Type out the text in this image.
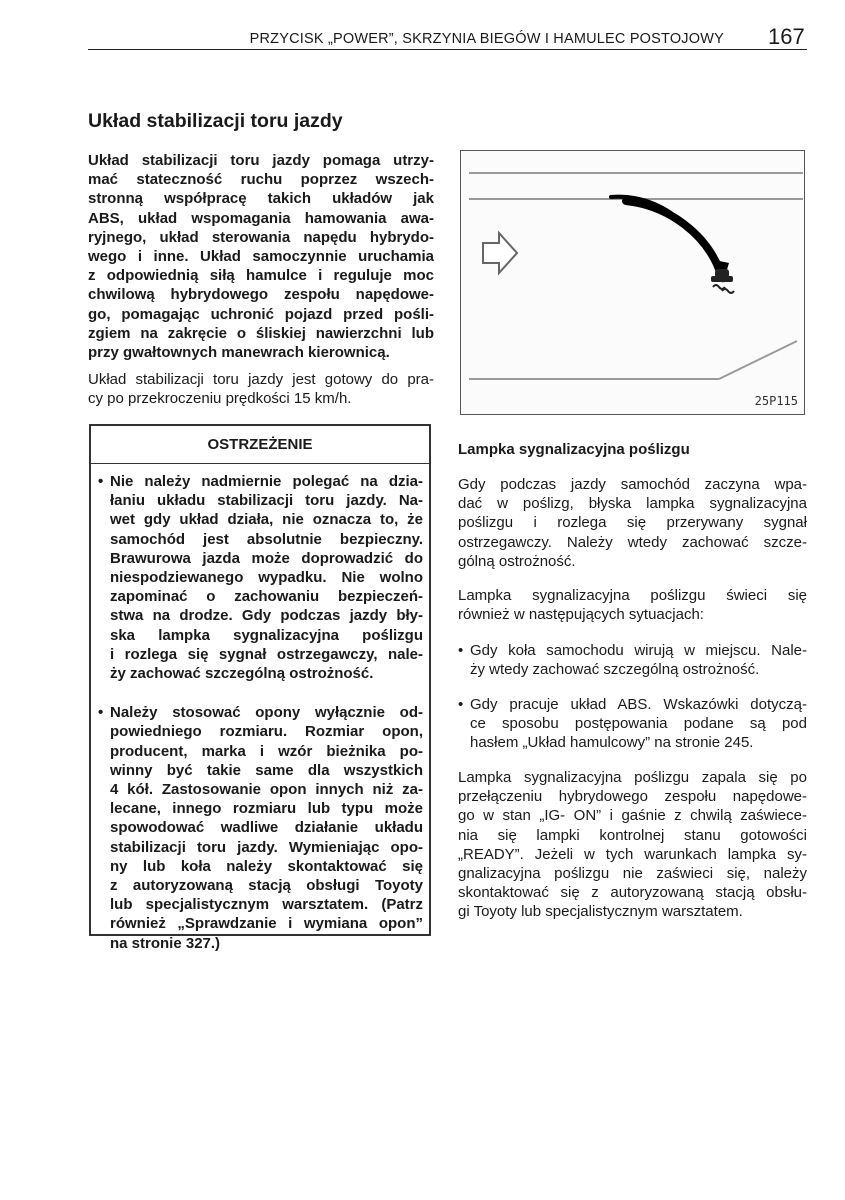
PRZYCISK „POWER”, SKRZYNIA BIEGÓW I HAMULEC POSTOJOWY 167
Układ stabilizacji toru jazdy
Układ stabilizacji toru jazdy pomaga utrzy-
mać stateczność ruchu poprzez wszech-
stronną współpracę takich układów jak
ABS, układ wspomagania hamowania awa-
ryjnego, układ sterowania napędu hybrydo-
wego i inne. Układ samoczynnie uruchamia
z odpowiednią siłą hamulce i reguluje moc
chwilową hybrydowego zespołu napędowe-
go, pomagając uchronić pojazd przed pośli-
zgiem na zakręcie o śliskiej nawierzchni lub
przy gwałtownych manewrach kierownicą.
Układ stabilizacji toru jazdy jest gotowy do pra-
cy po przekroczeniu prędkości 15 km/h.
OSTRZEŻENIE
• Nie należy nadmiernie polegać na dzia-
łaniu układu stabilizacji toru jazdy. Na-
wet gdy układ działa, nie oznacza to, że
samochód jest absolutnie bezpieczny.
Brawurowa jazda może doprowadzić do
niespodziewanego wypadku. Nie wolno
zapominać o zachowaniu bezpieczeń-
stwa na drodze. Gdy podczas jazdy bły-
ska lampka sygnalizacyjna poślizgu
i rozlega się sygnał ostrzegawczy, nale-
ży zachować szczególną ostrożność.
• Należy stosować opony wyłącznie od-
powiedniego rozmiaru. Rozmiar opon,
producent, marka i wzór bieżnika po-
winny być takie same dla wszystkich
4 kół. Zastosowanie opon innych niż za-
lecane, innego rozmiaru lub typu może
spowodować wadliwe działanie układu
stabilizacji toru jazdy. Wymieniając opo-
ny lub koła należy skontaktować się
z autoryzowaną stacją obsługi Toyoty
lub specjalistycznym warsztatem. (Patrz
również „Sprawdzanie i wymiana opon”
na stronie 327.)
25P115
Lampka sygnalizacyjna poślizgu
Gdy podczas jazdy samochód zaczyna wpa-
dać w poślizg, błyska lampka sygnalizacyjna
poślizgu i rozlega się przerywany sygnał
ostrzegawczy. Należy wtedy zachować szcze-
gólną ostrożność.
Lampka sygnalizacyjna poślizgu świeci się
również w następujących sytuacjach:
• Gdy koła samochodu wirują w miejscu. Nale-
ży wtedy zachować szczególną ostrożność.
• Gdy pracuje układ ABS. Wskazówki dotyczą-
ce sposobu postępowania podane są pod
hasłem „Układ hamulcowy” na stronie 245.
Lampka sygnalizacyjna poślizgu zapala się po
przełączeniu hybrydowego zespołu napędowe-
go w stan „IG- ON” i gaśnie z chwilą zaświece-
nia się lampki kontrolnej stanu gotowości
„READY”. Jeżeli w tych warunkach lampka sy-
gnalizacyjna poślizgu nie zaświeci się, należy
skontaktować się z autoryzowaną stacją obsłu-
gi Toyoty lub specjalistycznym warsztatem.
